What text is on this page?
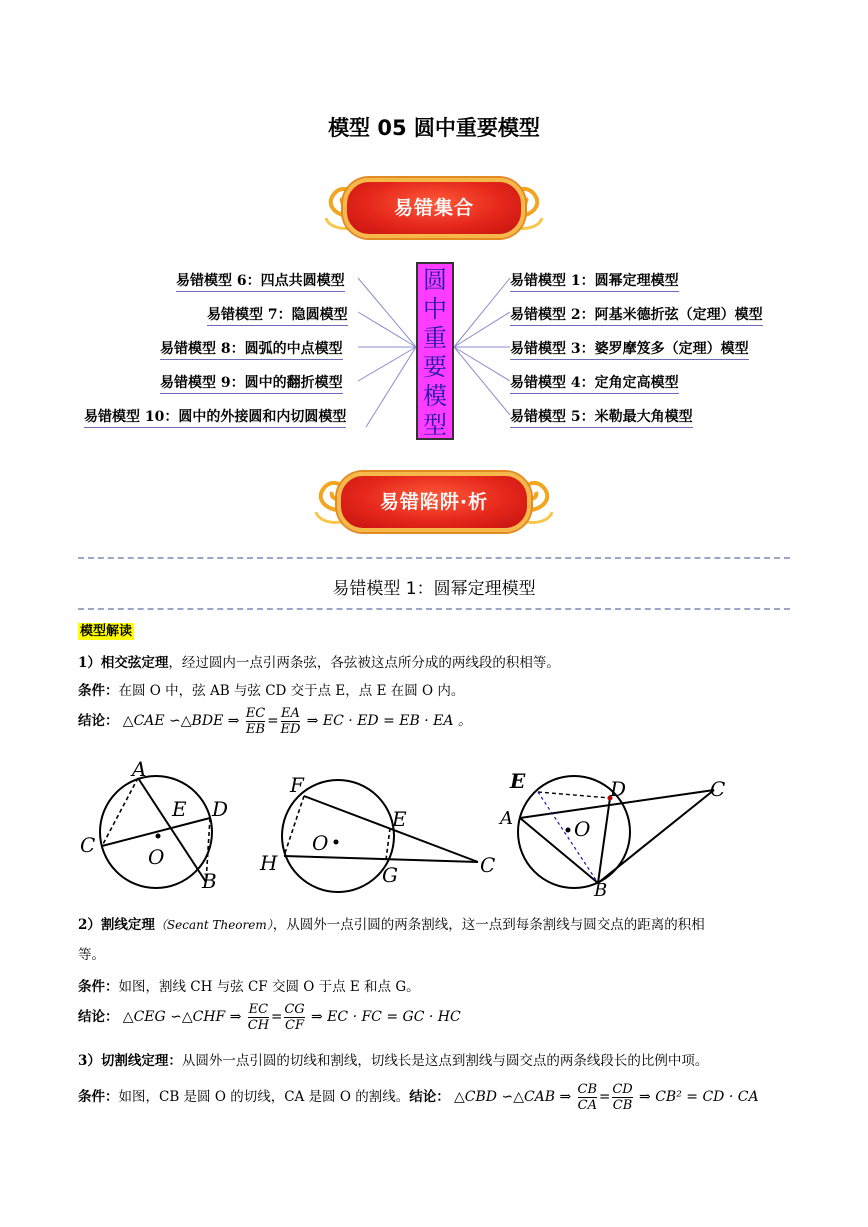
模型 05 圆中重要模型
易错集合
易错模型 6：四点共圆模型
易错模型 7：隐圆模型
易错模型 8：圆弧的中点模型
易错模型 9：圆中的翻折模型
易错模型 10：圆中的外接圆和内切圆模型
圆
中
重
要
模
型
易错模型 1：圆幂定理模型
易错模型 2：阿基米德折弦（定理）模型
易错模型 3：婆罗摩笈多（定理）模型
易错模型 4：定角定高模型
易错模型 5：米勒最大角模型
易错陷阱·析
易错模型 1：圆幂定理模型
模型解读
1）相交弦定理，经过圆内一点引两条弦，各弦被这点所分成的两线段的积相等。
条件：在圆 O 中，弦 AB 与弦 CD 交于点 E，点 E 在圆 O 内。
结论： △CAE ∽△BDE ⇒ $\frac{EC}{EB} = \frac{EA}{ED}$ ⇒ EC · ED = EB · EA 。
A
C
E D
O
B
F
E
O
H	G	C
E
A
D	C
O
B
2）割线定理（Secant Theorem），从圆外一点引圆的两条割线，这一点到每条割线与圆交点的距离的积相
等。
条件：如图，割线 CH 与弦 CF 交圆 O 于点 E 和点 G。
结论： △CEG ∽△CHF ⇒ $\frac{EC}{CH} = \frac{CG}{CF}$ ⇒ EC · FC = GC · HC
3）切割线定理：从圆外一点引圆的切线和割线，切线长是这点到割线与圆交点的两条线段长的比例中项。
条件：如图，CB 是圆 O 的切线，CA 是圆 O 的割线。结论： △CBD ∽△CAB ⇒ $\frac{CB}{CA} = \frac{CD}{CB}$ ⇒ CB² = CD · CA
